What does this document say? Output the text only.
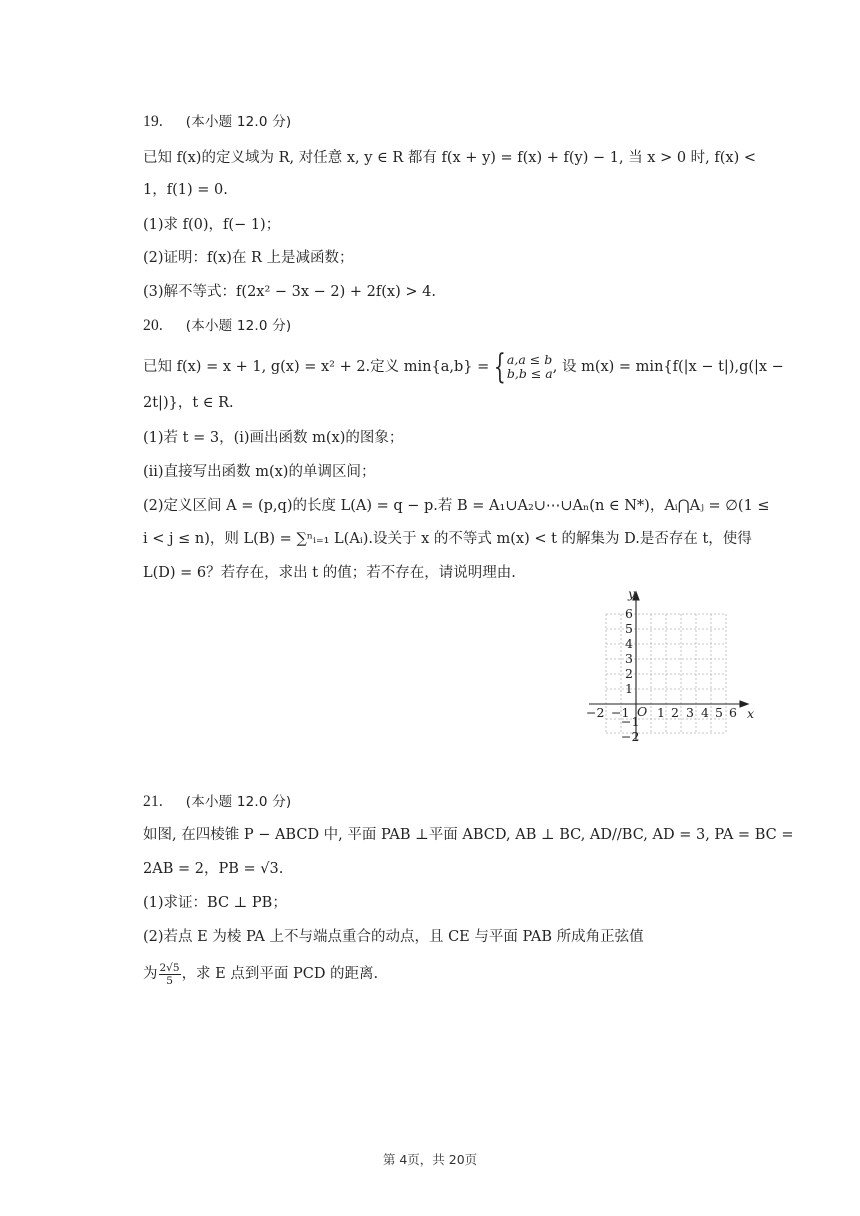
19. (本小题 12.0 分)
已知 f(x)的定义域为 R, 对任意 x, y ∈ R 都有 f(x + y) = f(x) + f(y) − 1, 当 x > 0 时, f(x) <
1，f(1) = 0.
(1)求 f(0)，f(− 1)；
(2)证明：f(x)在 R 上是减函数；
(3)解不等式：f(2x² − 3x − 2) + 2f(x) > 4.
20. (本小题 12.0 分)
已知 f(x) = x + 1, g(x) = x² + 2.定义 min{a,b} = { a,a ≤ b
b,b ≤ a , 设 m(x) = min{f(|x − t|),g(|x −
2t|)}，t ∈ R.
(1)若 t = 3，(i)画出函数 m(x)的图象；
(ii)直接写出函数 m(x)的单调区间；
(2)定义区间 A = (p,q)的长度 L(A) = q − p.若 B = A₁∪A₂∪⋯∪Aₙ(n ∈ N*)，Aᵢ⋂Aⱼ = ∅(1 ≤
i < j ≤ n)，则 L(B) = ∑ⁿᵢ₌₁ L(Aᵢ).设关于 x 的不等式 m(x) < t 的解集为 D.是否存在 t，使得
L(D) = 6？若存在，求出 t 的值；若不存在，请说明理由.
y
x
O
−2 −1 1 2 3 4 5 6
6
5
4
3
2
1
−1
−2
21. (本小题 12.0 分)
如图, 在四棱锥 P − ABCD 中, 平面 PAB ⊥平面 ABCD, AB ⊥ BC, AD//BC, AD = 3, PA = BC =
2AB = 2，PB = √3.
(1)求证：BC ⊥ PB；
(2)若点 E 为棱 PA 上不与端点重合的动点，且 CE 与平面 PAB 所成角正弦值
为 $\frac{2√5}{5}$ ，求 E 点到平面 PCD 的距离.
第 4页，共 20页
